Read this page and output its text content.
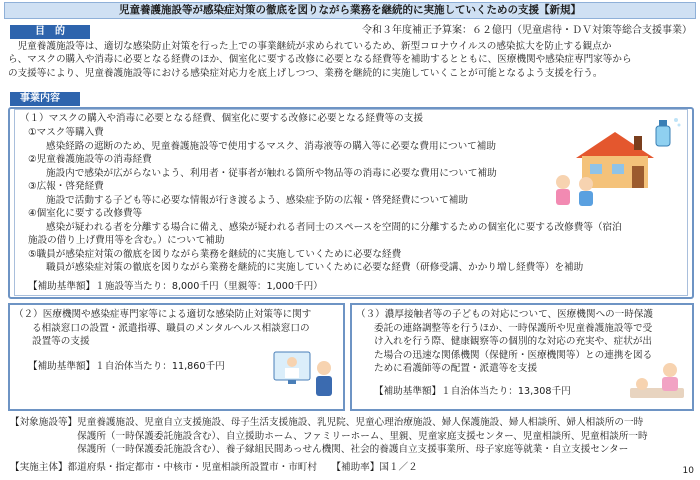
児童養護施設等が感染症対策の徹底を図りながら業務を継続的に実施していくための支援【新規】
令和３年度補正予算案：６２億円（児童虐待・ＤＶ対策等総合支援事業）
目　的
児童養護施設等は、適切な感染防止対策を行った上での事業継続が求められているため、新型コロナウイルスの感染拡大を防止する観点か
ら、マスクの購入や消毒に必要となる経費のほか、個室化に要する改修に必要となる経費等を補助するとともに、医療機関や感染症専門家等から
の支援等により、児童養護施設等における感染症対応力を底上げしつつ、業務を継続的に実施していくことが可能となるよう支援を行う。
事業内容
（１）マスクの購入や消毒に必要となる経費、個室化に要する改修に必要となる経費等の支援
①マスク等購入費
感染経路の遮断のため、児童養護施設等で使用するマスク、消毒液等の購入等に必要な費用について補助
②児童養護施設等の消毒経費
施設内で感染が広がらないよう、利用者・従事者が触れる箇所や物品等の消毒に必要な費用について補助
③広報・啓発経費
施設で活動する子ども等に必要な情報が行き渡るよう、感染症予防の広報・啓発経費について補助
④個室化に要する改修費等
感染が疑われる者を分離する場合に備え、感染が疑われる者同士のスペースを空間的に分離するための個室化に要する改修費等（宿泊
施設の借り上げ費用等を含む。）について補助
⑤職員が感染症対策の徹底を図りながら業務を継続的に実施していくために必要な経費
職員が感染症対策の徹底を図りながら業務を継続的に実施していくために必要な経費（研修受講、かかり増し経費等）を補助
【補助基準額】１施設等当たり：8,000千円（里親等：1,000千円）
（２）医療機関や感染症専門家等による適切な感染防止対策等に関す
る相談窓口の設置・派遣指導、職員のメンタルヘルス相談窓口の
設置等の支援
【補助基準額】１自治体当たり：11,860千円
（３）濃厚接触者等の子どもの対応について、医療機関への一時保護
委託の連絡調整等を行うほか、一時保護所や児童養護施設等で受
け入れを行う際、健康観察等の個別的な対応の充実や、症状が出
た場合の迅速な関係機関（保健所・医療機関等）との連携を図る
ために看護師等の配置・派遣等を支援
【補助基準額】１自治体当たり：13,308千円
【対象施設等】児童養護施設、児童自立支援施設、母子生活支援施設、乳児院、児童心理治療施設、婦人保護施設、婦人相談所、婦人相談所の一時
　　　　　　　保護所（一時保護委託施設含む）、自立援助ホーム、ファミリーホーム、里親、児童家庭支援センター、児童相談所、児童相談所一時
　　　　　　　保護所（一時保護委託施設含む）、養子縁組民間あっせん機関、社会的養護自立支援事業所、母子家庭等就業・自立支援センター
【実施主体】都道府県・指定都市・中核市・児童相談所設置市・市町村　　【補助率】国１／２	10
